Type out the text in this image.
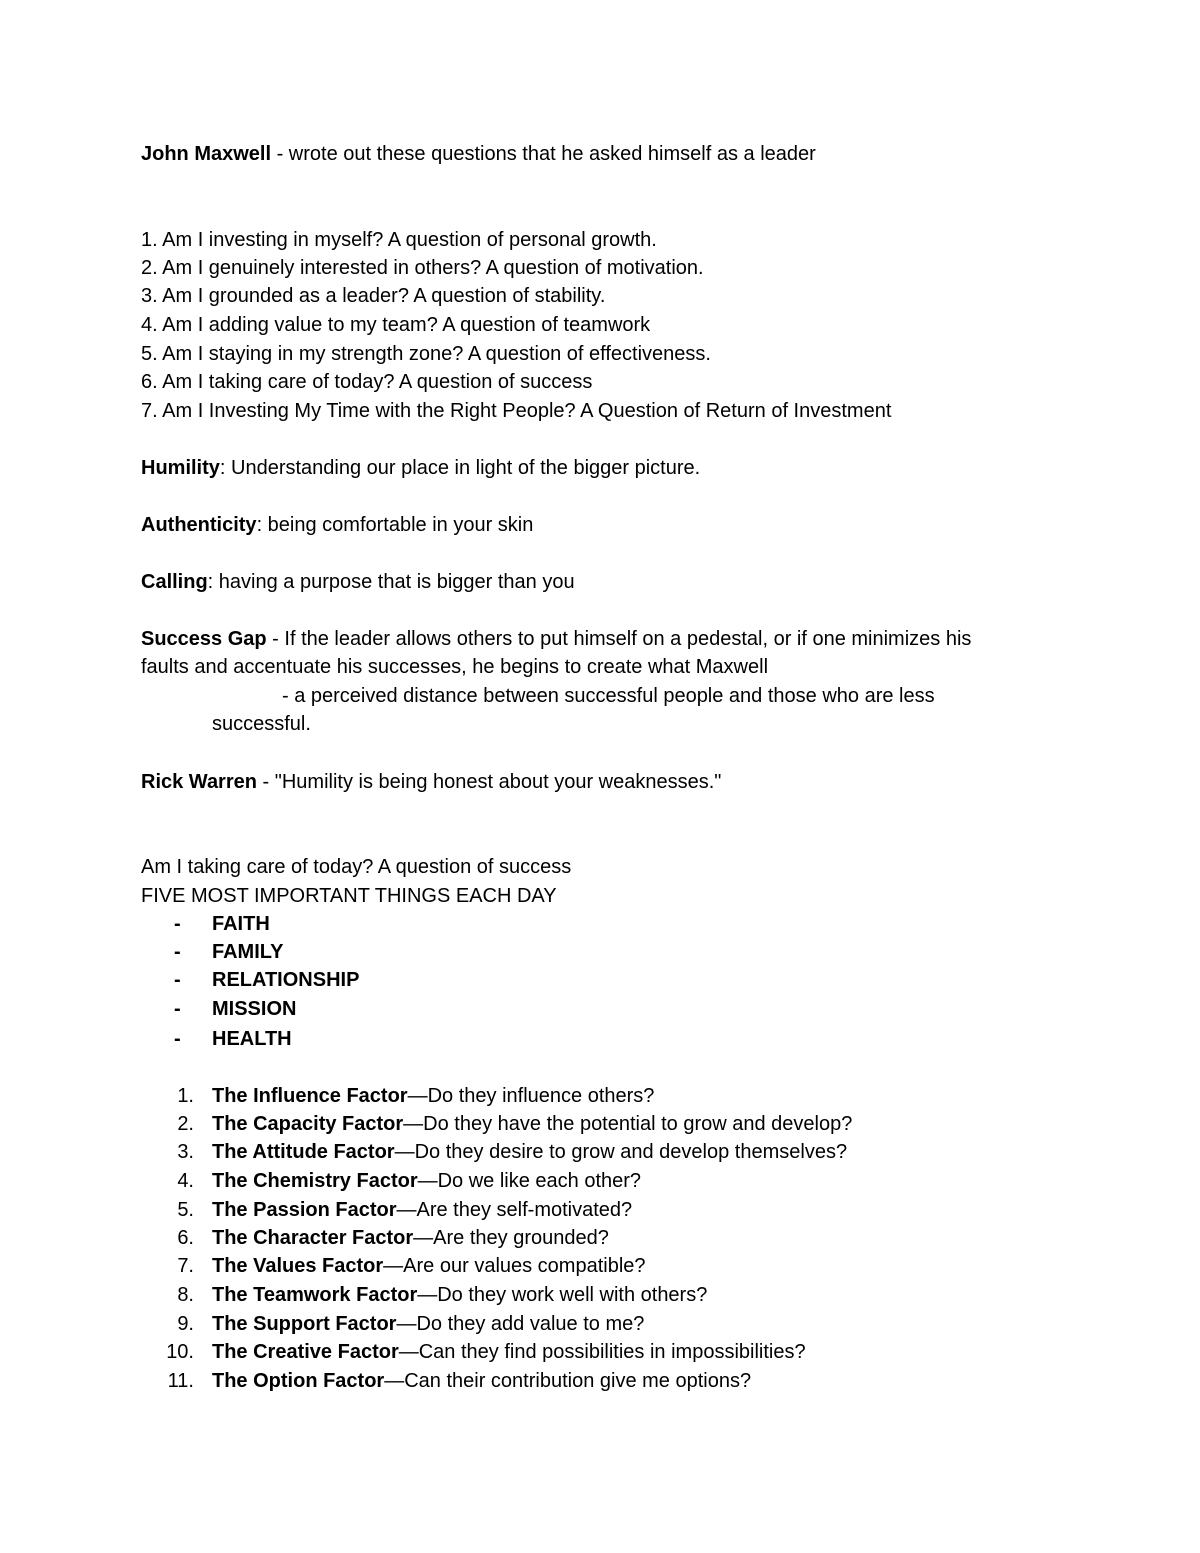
John Maxwell - wrote out these questions that he asked himself as a leader
1. Am I investing in myself? A question of personal growth.
2. Am I genuinely interested in others? A question of motivation.
3. Am I grounded as a leader? A question of stability.
4. Am I adding value to my team? A question of teamwork
5. Am I staying in my strength zone? A question of effectiveness.
6. Am I taking care of today? A question of success
7. Am I Investing My Time with the Right People? A Question of Return of Investment
Humility: Understanding our place in light of the bigger picture.
Authenticity: being comfortable in your skin
Calling: having a purpose that is bigger than you
Success Gap - If the leader allows others to put himself on a pedestal, or if one minimizes his
faults and accentuate his successes, he begins to create what Maxwell
- a perceived distance between successful people and those who are less
successful.
Rick Warren - "Humility is being honest about your weaknesses."
Am I taking care of today? A question of success
FIVE MOST IMPORTANT THINGS EACH DAY
- FAITH
- FAMILY
- RELATIONSHIP
- MISSION
- HEALTH
1. The Influence Factor—Do they influence others?
2. The Capacity Factor—Do they have the potential to grow and develop?
3. The Attitude Factor—Do they desire to grow and develop themselves?
4. The Chemistry Factor—Do we like each other?
5. The Passion Factor—Are they self-motivated?
6. The Character Factor—Are they grounded?
7. The Values Factor—Are our values compatible?
8. The Teamwork Factor—Do they work well with others?
9. The Support Factor—Do they add value to me?
10. The Creative Factor—Can they find possibilities in impossibilities?
11. The Option Factor—Can their contribution give me options?
